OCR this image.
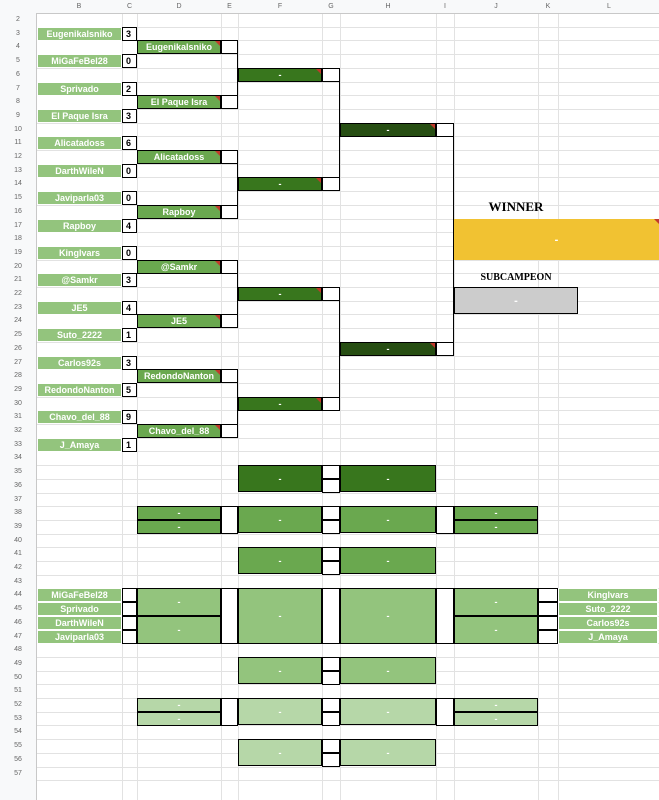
B	C	D	E	F	G	H	I	J	K	L
2
3
4
5
6
7
8
9
10
11
12
13
14
15
16
17
18
19
20
21
22
23
24
25
26
27
28
29
30
31
32
33
34
35
36
37
38
39
40
41
42
43
44
45
46
47
48
49
50
51
52
53
54
55
56
57
Eugenikalsniko	3
MiGaFeBel28	0
Sprivado	2
El Paque Isra	3
Alicatadoss	6
DarthWileN	0
Javiparla03	0
Rapboy	4
Kinglvars	0
@Samkr	3
JE5	4
Suto_2222	1
Carlos92s	3
RedondoNanton	5
Chavo_del_88	9
J_Amaya	1
Eugenikalsniko
El Paque Isra
Alicatadoss
Rapboy
@Samkr
JE5
RedondoNanton
Chavo_del_88
-
-
-
-
-
-
WINNER
-
SUBCAMPEON
-
-	-
-
-
-	-
-
-
-	-
MiGaFeBel28
Sprivado
DarthWileN
Javiparla03
Kinglvars
Suto_2222
Carlos92s
J_Amaya
-
-
-	-
-
-
-	-
-
-
-	-
-
-
-	-
